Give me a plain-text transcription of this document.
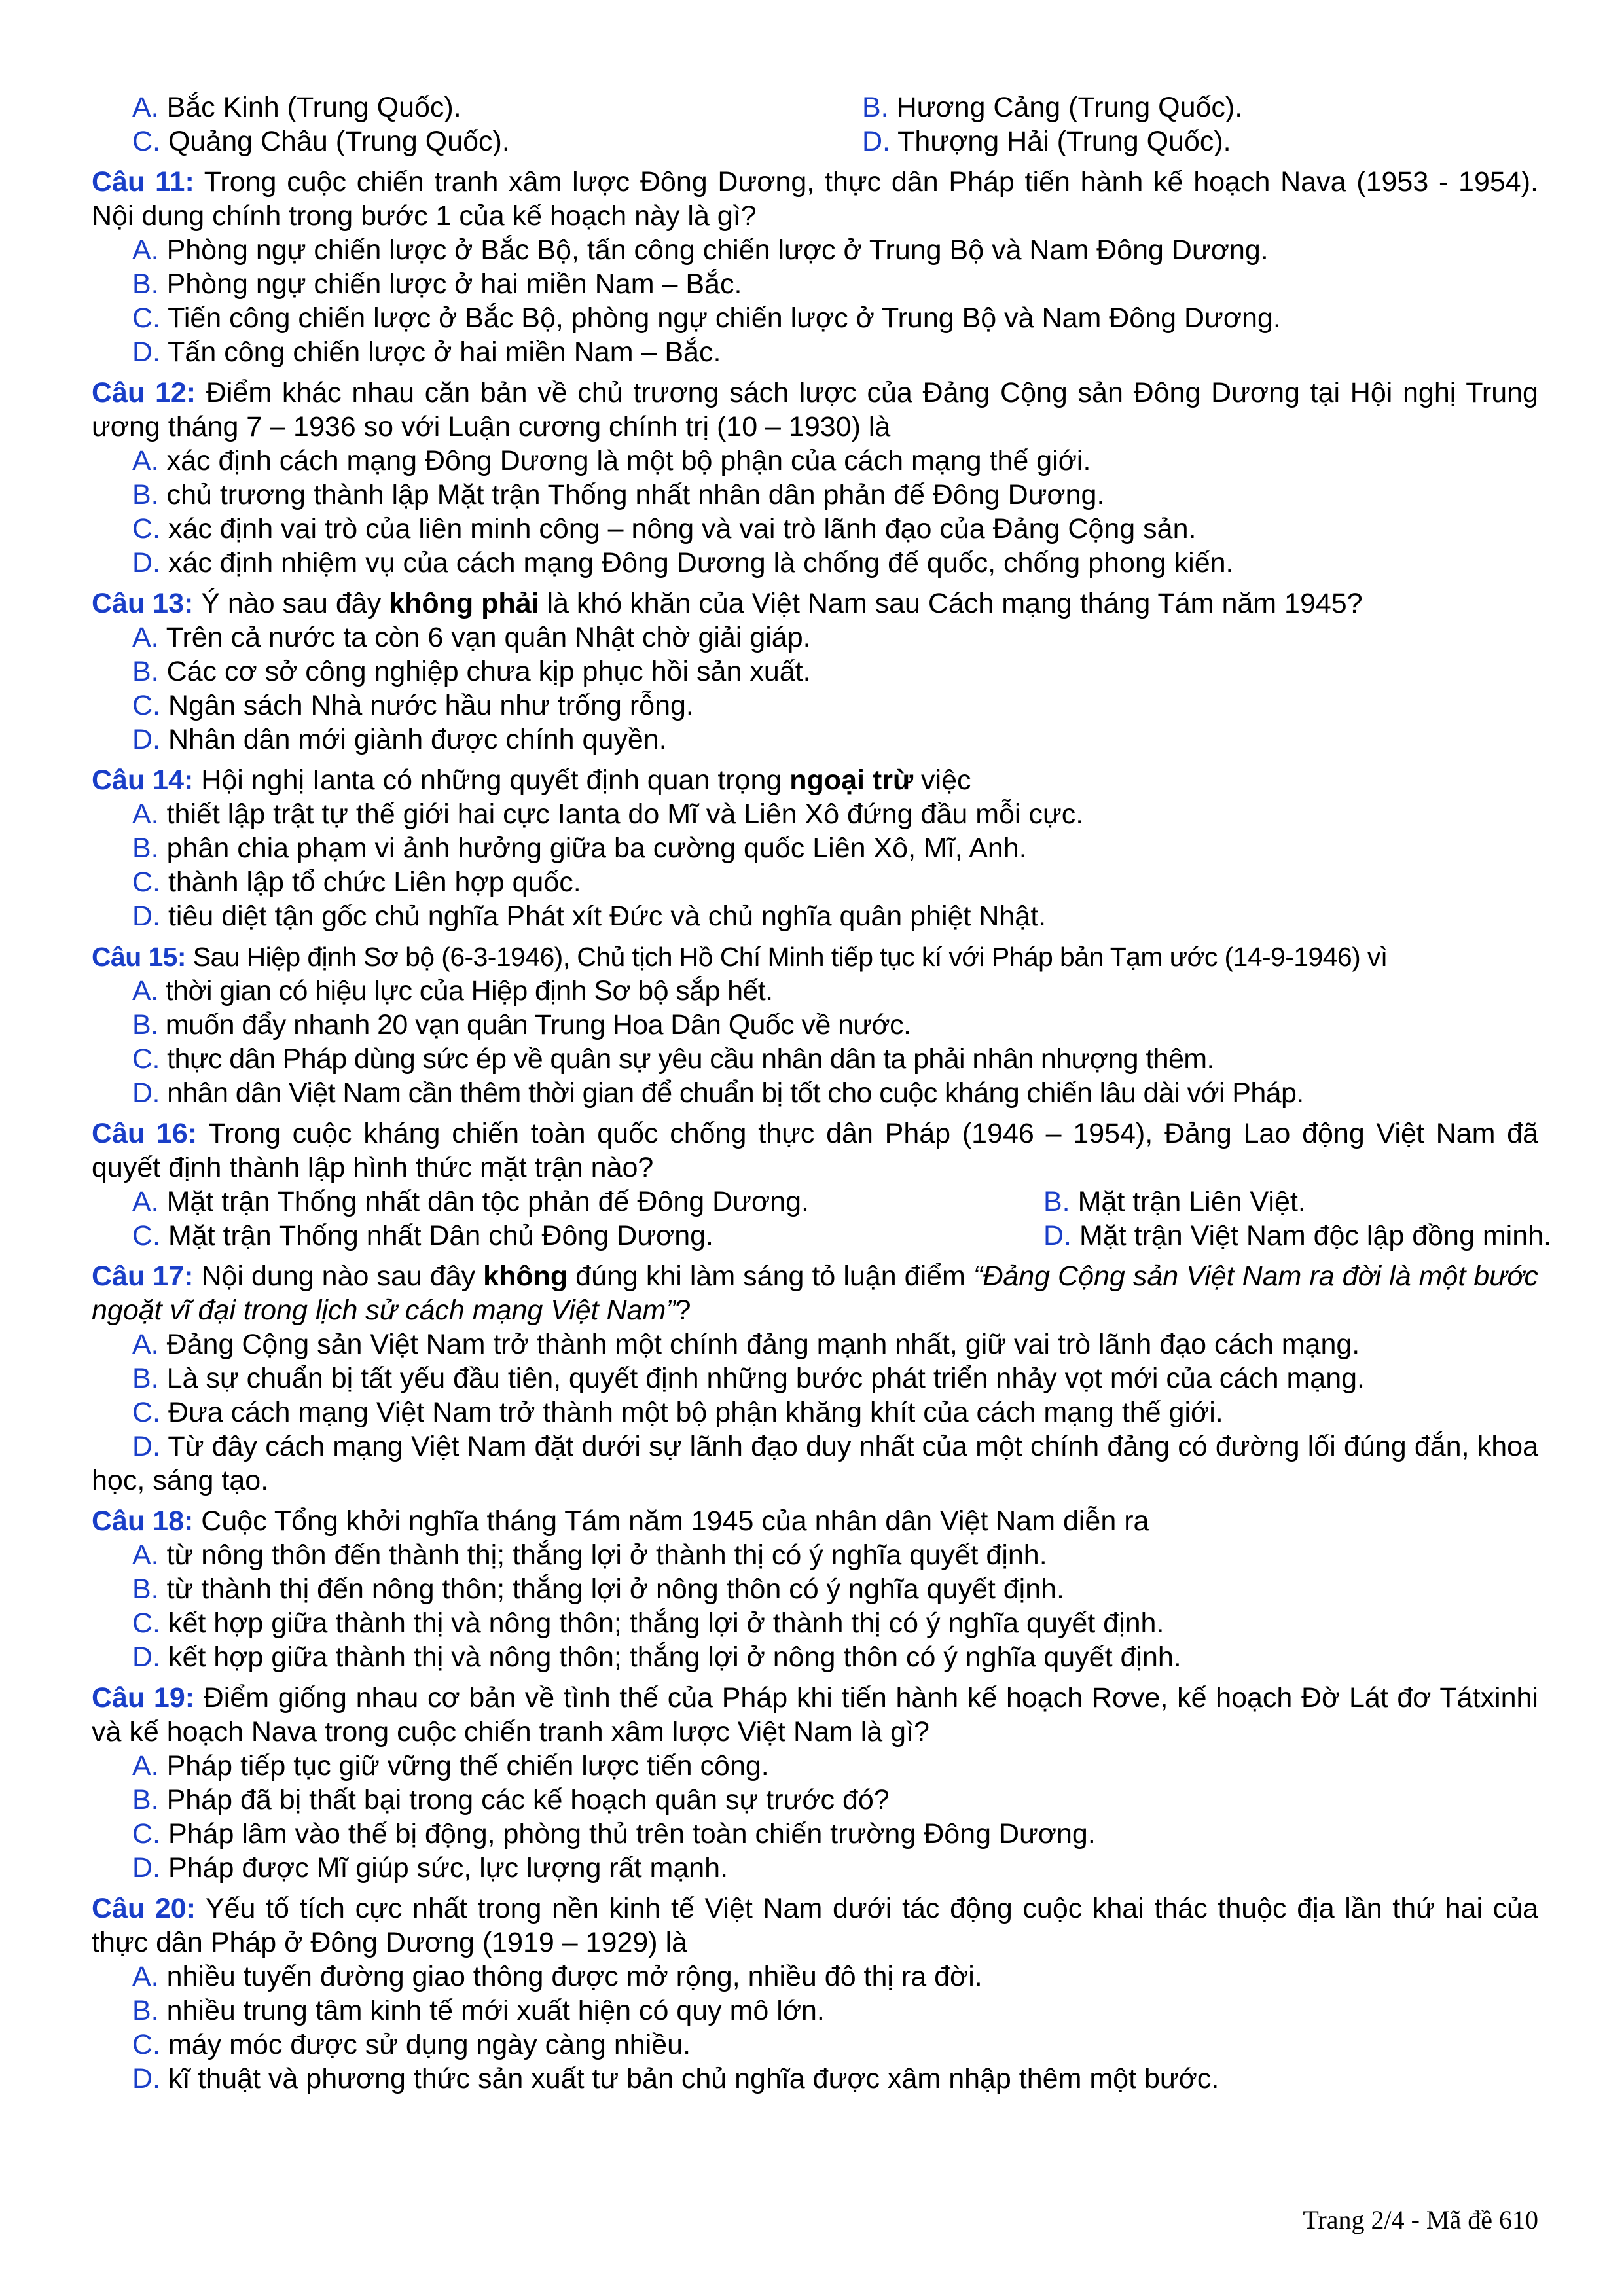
A. Bắc Kinh (Trung Quốc).	B. Hương Cảng (Trung Quốc).
C. Quảng Châu (Trung Quốc).	D. Thượng Hải (Trung Quốc).
Câu 11: Trong cuộc chiến tranh xâm lược Đông Dương, thực dân Pháp tiến hành kế hoạch Nava (1953 - 1954). Nội dung chính trong bước 1 của kế hoạch này là gì?
A. Phòng ngự chiến lược ở Bắc Bộ, tấn công chiến lược ở Trung Bộ và Nam Đông Dương.
B. Phòng ngự chiến lược ở hai miền Nam – Bắc.
C. Tiến công chiến lược ở Bắc Bộ, phòng ngự chiến lược ở Trung Bộ và Nam Đông Dương.
D. Tấn công chiến lược ở hai miền Nam – Bắc.
Câu 12: Điểm khác nhau căn bản về chủ trương sách lược của Đảng Cộng sản Đông Dương tại Hội nghị Trung ương tháng 7 – 1936 so với Luận cương chính trị (10 – 1930) là
A. xác định cách mạng Đông Dương là một bộ phận của cách mạng thế giới.
B. chủ trương thành lập Mặt trận Thống nhất nhân dân phản đế Đông Dương.
C. xác định vai trò của liên minh công – nông và vai trò lãnh đạo của Đảng Cộng sản.
D. xác định nhiệm vụ của cách mạng Đông Dương là chống đế quốc, chống phong kiến.
Câu 13: Ý nào sau đây không phải là khó khăn của Việt Nam sau Cách mạng tháng Tám năm 1945?
A. Trên cả nước ta còn 6 vạn quân Nhật chờ giải giáp.
B. Các cơ sở công nghiệp chưa kịp phục hồi sản xuất.
C. Ngân sách Nhà nước hầu như trống rỗng.
D. Nhân dân mới giành được chính quyền.
Câu 14: Hội nghị Ianta có những quyết định quan trọng ngoại trừ việc
A. thiết lập trật tự thế giới hai cực Ianta do Mĩ và Liên Xô đứng đầu mỗi cực.
B. phân chia phạm vi ảnh hưởng giữa ba cường quốc Liên Xô, Mĩ, Anh.
C. thành lập tổ chức Liên hợp quốc.
D. tiêu diệt tận gốc chủ nghĩa Phát xít Đức và chủ nghĩa quân phiệt Nhật.
Câu 15: Sau Hiệp định Sơ bộ (6-3-1946), Chủ tịch Hồ Chí Minh tiếp tục kí với Pháp bản Tạm ước (14-9-1946) vì
A. thời gian có hiệu lực của Hiệp định Sơ bộ sắp hết.
B. muốn đẩy nhanh 20 vạn quân Trung Hoa Dân Quốc về nước.
C. thực dân Pháp dùng sức ép về quân sự yêu cầu nhân dân ta phải nhân nhượng thêm.
D. nhân dân Việt Nam cần thêm thời gian để chuẩn bị tốt cho cuộc kháng chiến lâu dài với Pháp.
Câu 16: Trong cuộc kháng chiến toàn quốc chống thực dân Pháp (1946 – 1954), Đảng Lao động Việt Nam đã quyết định thành lập hình thức mặt trận nào?
A. Mặt trận Thống nhất dân tộc phản đế Đông Dương.	B. Mặt trận Liên Việt.
C. Mặt trận Thống nhất Dân chủ Đông Dương.	D. Mặt trận Việt Nam độc lập đồng minh.
Câu 17: Nội dung nào sau đây không đúng khi làm sáng tỏ luận điểm “Đảng Cộng sản Việt Nam ra đời là một bước ngoặt vĩ đại trong lịch sử cách mạng Việt Nam”?
A. Đảng Cộng sản Việt Nam trở thành một chính đảng mạnh nhất, giữ vai trò lãnh đạo cách mạng.
B. Là sự chuẩn bị tất yếu đầu tiên, quyết định những bước phát triển nhảy vọt mới của cách mạng.
C. Đưa cách mạng Việt Nam trở thành một bộ phận khăng khít của cách mạng thế giới.
D. Từ đây cách mạng Việt Nam đặt dưới sự lãnh đạo duy nhất của một chính đảng có đường lối đúng đắn, khoa học, sáng tạo.
Câu 18: Cuộc Tổng khởi nghĩa tháng Tám năm 1945 của nhân dân Việt Nam diễn ra
A. từ nông thôn đến thành thị; thắng lợi ở thành thị có ý nghĩa quyết định.
B. từ thành thị đến nông thôn; thắng lợi ở nông thôn có ý nghĩa quyết định.
C. kết hợp giữa thành thị và nông thôn; thắng lợi ở thành thị có ý nghĩa quyết định.
D. kết hợp giữa thành thị và nông thôn; thắng lợi ở nông thôn có ý nghĩa quyết định.
Câu 19: Điểm giống nhau cơ bản về tình thế của Pháp khi tiến hành kế hoạch Rơve, kế hoạch Đờ Lát đơ Tátxinhi và kế hoạch Nava trong cuộc chiến tranh xâm lược Việt Nam là gì?
A. Pháp tiếp tục giữ vững thế chiến lược tiến công.
B. Pháp đã bị thất bại trong các kế hoạch quân sự trước đó?
C. Pháp lâm vào thế bị động, phòng thủ trên toàn chiến trường Đông Dương.
D. Pháp được Mĩ giúp sức, lực lượng rất mạnh.
Câu 20: Yếu tố tích cực nhất trong nền kinh tế Việt Nam dưới tác động cuộc khai thác thuộc địa lần thứ hai của thực dân Pháp ở Đông Dương (1919 – 1929) là
A. nhiều tuyến đường giao thông được mở rộng, nhiều đô thị ra đời.
B. nhiều trung tâm kinh tế mới xuất hiện có quy mô lớn.
C. máy móc được sử dụng ngày càng nhiều.
D. kĩ thuật và phương thức sản xuất tư bản chủ nghĩa được xâm nhập thêm một bước.
Trang 2/4 - Mã đề 610
